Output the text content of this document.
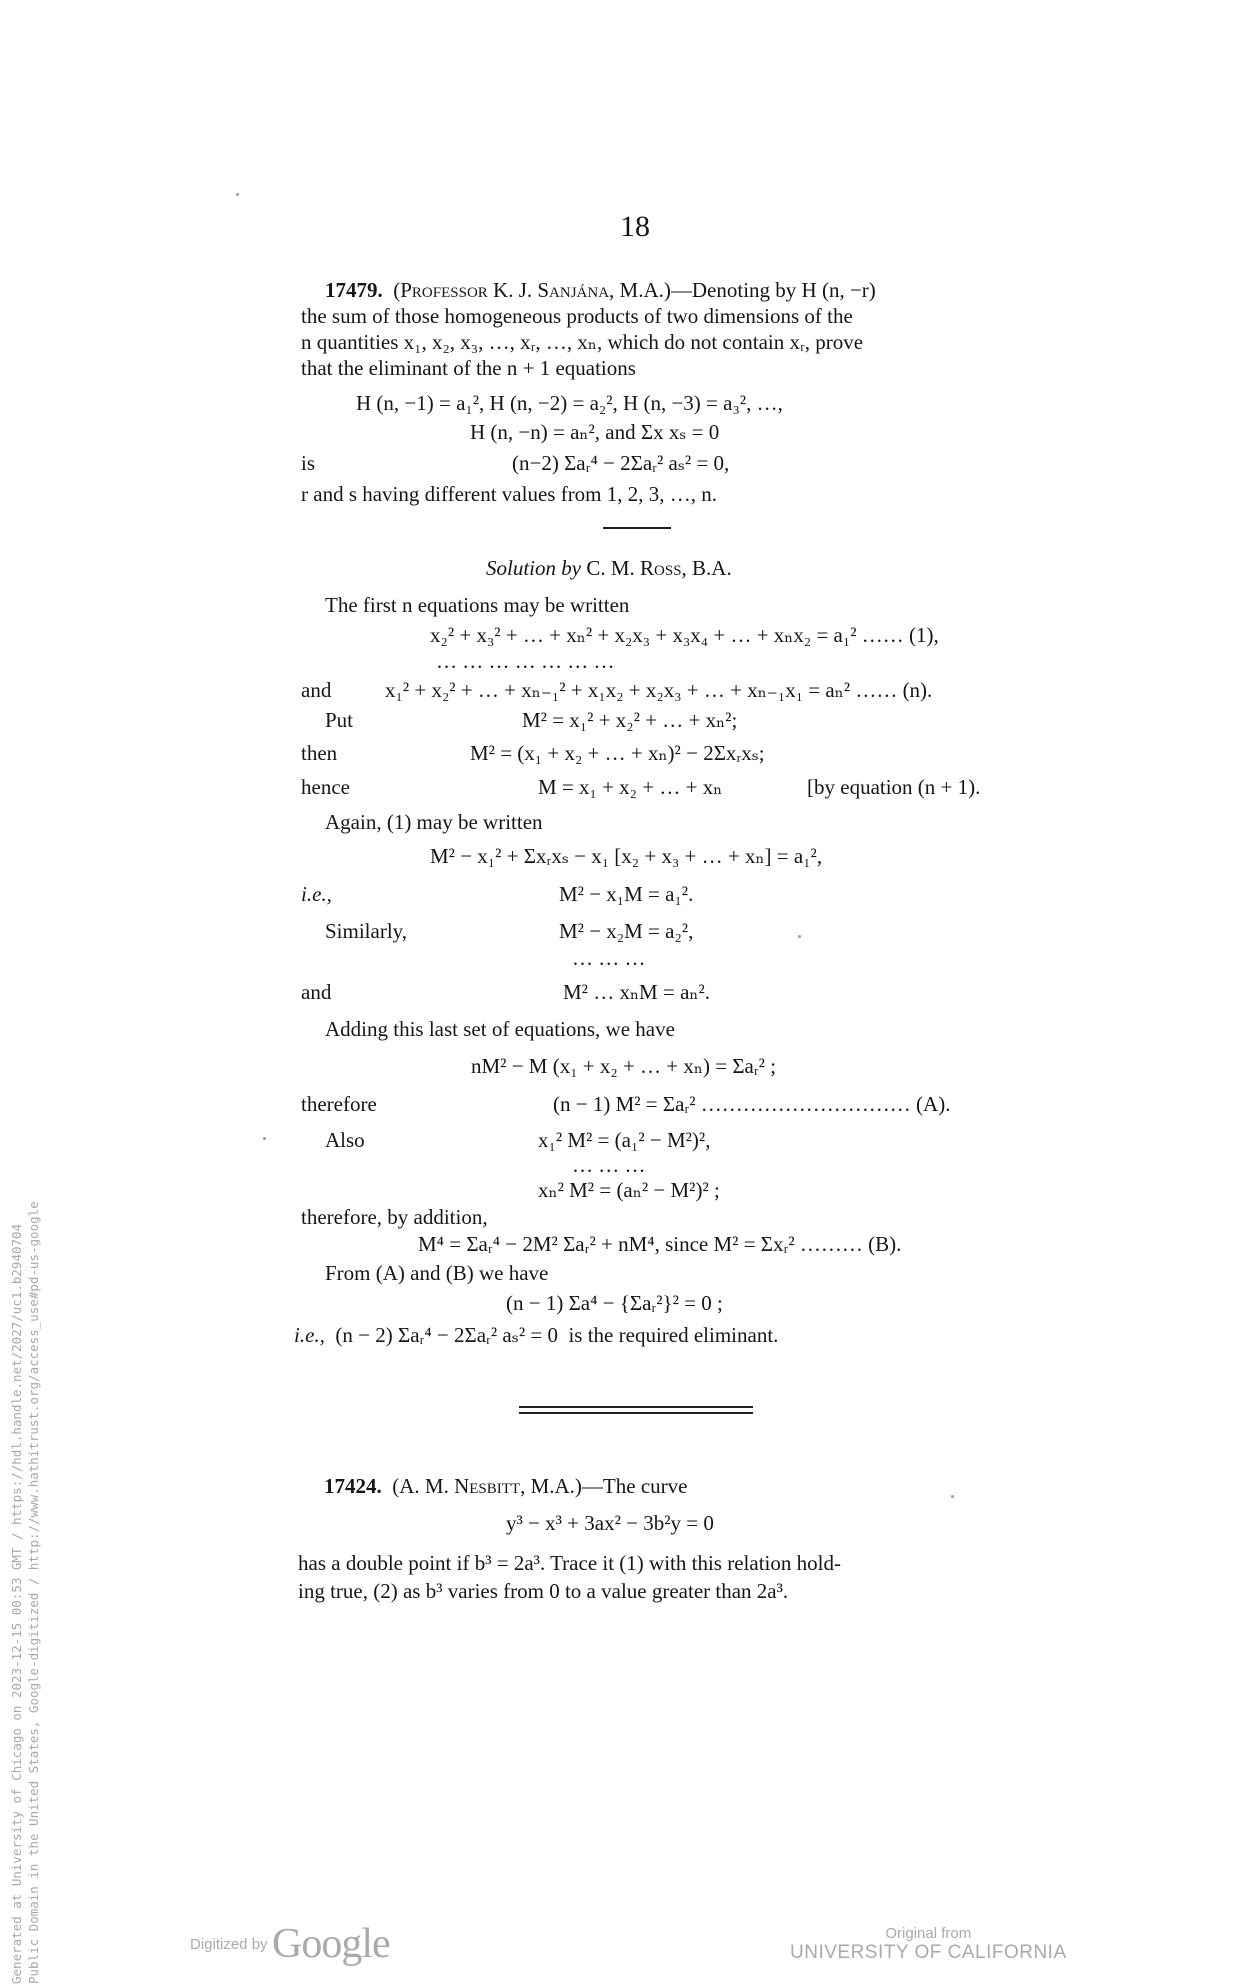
18
17479. (Professor K. J. Sanjána, M.A.)—Denoting by H (n, −r)
the sum of those homogeneous products of two dimensions of the
n quantities x₁, x₂, x₃, …, xᵣ, …, xₙ, which do not contain xᵣ, prove
that the eliminant of the n + 1 equations
H (n, −1) = a₁², H (n, −2) = a₂², H (n, −3) = a₃², …,
H (n, −n) = aₙ², and Σx xₛ = 0
is	(n−2) Σaᵣ⁴ − 2Σaᵣ² aₛ² = 0,
r and s having different values from 1, 2, 3, …, n.
Solution by C. M. Ross, B.A.
The first n equations may be written
x₂² + x₃² + … + xₙ² + x₂x₃ + x₃x₄ + … + xₙx₂ = a₁² …… (1),
… … … … … … …
and	x₁² + x₂² + … + xₙ₋₁² + x₁x₂ + x₂x₃ + … + xₙ₋₁x₁ = aₙ² …… (n).
Put	M² = x₁² + x₂² + … + xₙ²;
then	M² = (x₁ + x₂ + … + xₙ)² − 2Σxᵣxₛ;
hence	M = x₁ + x₂ + … + xₙ	[by equation (n + 1).
Again, (1) may be written
M² − x₁² + Σxᵣxₛ − x₁ [x₂ + x₃ + … + xₙ] = a₁²,
i.e.,	M² − x₁M = a₁².
Similarly,	M² − x₂M = a₂²,
… … …
and	M² … xₙM = aₙ².
Adding this last set of equations, we have
nM² − M (x₁ + x₂ + … + xₙ) = Σaᵣ² ;
therefore	(n − 1) M² = Σaᵣ² ………………………… (A).
Also	x₁² M² = (a₁² − M²)²,
… … …
xₙ² M² = (aₙ² − M²)² ;
therefore, by addition,
M⁴ = Σaᵣ⁴ − 2M² Σaᵣ² + nM⁴, since M² = Σxᵣ² ……… (B).
From (A) and (B) we have
(n − 1) Σa⁴ − {Σaᵣ²}² = 0 ;
i.e., (n − 2) Σaᵣ⁴ − 2Σaᵣ² aₛ² = 0 is the required eliminant.
17424. (A. M. Nesbitt, M.A.)—The curve
y³ − x³ + 3ax² − 3b²y = 0
has a double point if b³ = 2a³. Trace it (1) with this relation hold-
ing true, (2) as b³ varies from 0 to a value greater than 2a³.
Generated at University of Chicago on 2023-12-15 00:53 GMT / https://hdl.handle.net/2027/uc1.b2940704 Public Domain in the United States, Google-digitized / http://www.hathitrust.org/access_use#pd-us-google	Digitized by Google	Original from
UNIVERSITY OF CALIFORNIA
